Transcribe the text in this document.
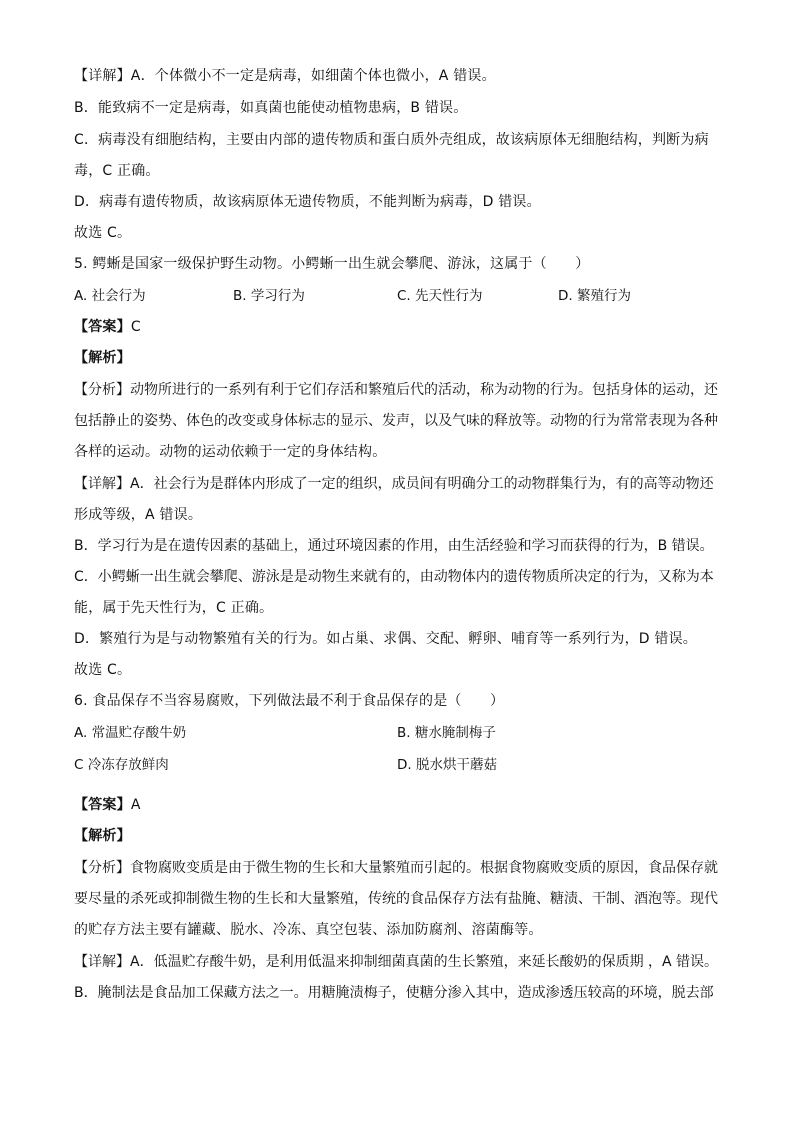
【详解】A．个体微小不一定是病毒，如细菌个体也微小，A 错误。
B．能致病不一定是病毒，如真菌也能使动植物患病，B 错误。
C．病毒没有细胞结构，主要由内部的遗传物质和蛋白质外壳组成，故该病原体无细胞结构，判断为病
毒，C 正确。
D．病毒有遗传物质，故该病原体无遗传物质，不能判断为病毒，D 错误。
故选 C。
5. 鳄蜥是国家一级保护野生动物。小鳄蜥一出生就会攀爬、游泳，这属于（　　）
A. 社会行为	B. 学习行为	C. 先天性行为	D. 繁殖行为
【答案】C
【解析】
【分析】动物所进行的一系列有利于它们存活和繁殖后代的活动，称为动物的行为。包括身体的运动，还
包括静止的姿势、体色的改变或身体标志的显示、发声，以及气味的释放等。动物的行为常常表现为各种
各样的运动。动物的运动依赖于一定的身体结构。
【详解】A．社会行为是群体内形成了一定的组织，成员间有明确分工的动物群集行为，有的高等动物还
形成等级，A 错误。
B．学习行为是在遗传因素的基础上，通过环境因素的作用，由生活经验和学习而获得的行为，B 错误。
C．小鳄蜥一出生就会攀爬、游泳是是动物生来就有的，由动物体内的遗传物质所决定的行为，又称为本
能，属于先天性行为，C 正确。
D．繁殖行为是与动物繁殖有关的行为。如占巢、求偶、交配、孵卵、哺育等一系列行为，D 错误。
故选 C。
6. 食品保存不当容易腐败，下列做法最不利于食品保存的是（　　）
A. 常温贮存酸牛奶	B. 糖水腌制梅子
C 冷冻存放鲜肉	D. 脱水烘干蘑菇
【答案】A
【解析】
【分析】食物腐败变质是由于微生物的生长和大量繁殖而引起的。根据食物腐败变质的原因，食品保存就
要尽量的杀死或抑制微生物的生长和大量繁殖，传统的食品保存方法有盐腌、糖渍、干制、酒泡等。现代
的贮存方法主要有罐藏、脱水、冷冻、真空包装、添加防腐剂、溶菌酶等。
【详解】A．低温贮存酸牛奶，是利用低温来抑制细菌真菌的生长繁殖，来延长酸奶的保质期 ，A 错误。
B．腌制法是食品加工保藏方法之一。用糖腌渍梅子，使糖分渗入其中，造成渗透压较高的环境，脱去部
